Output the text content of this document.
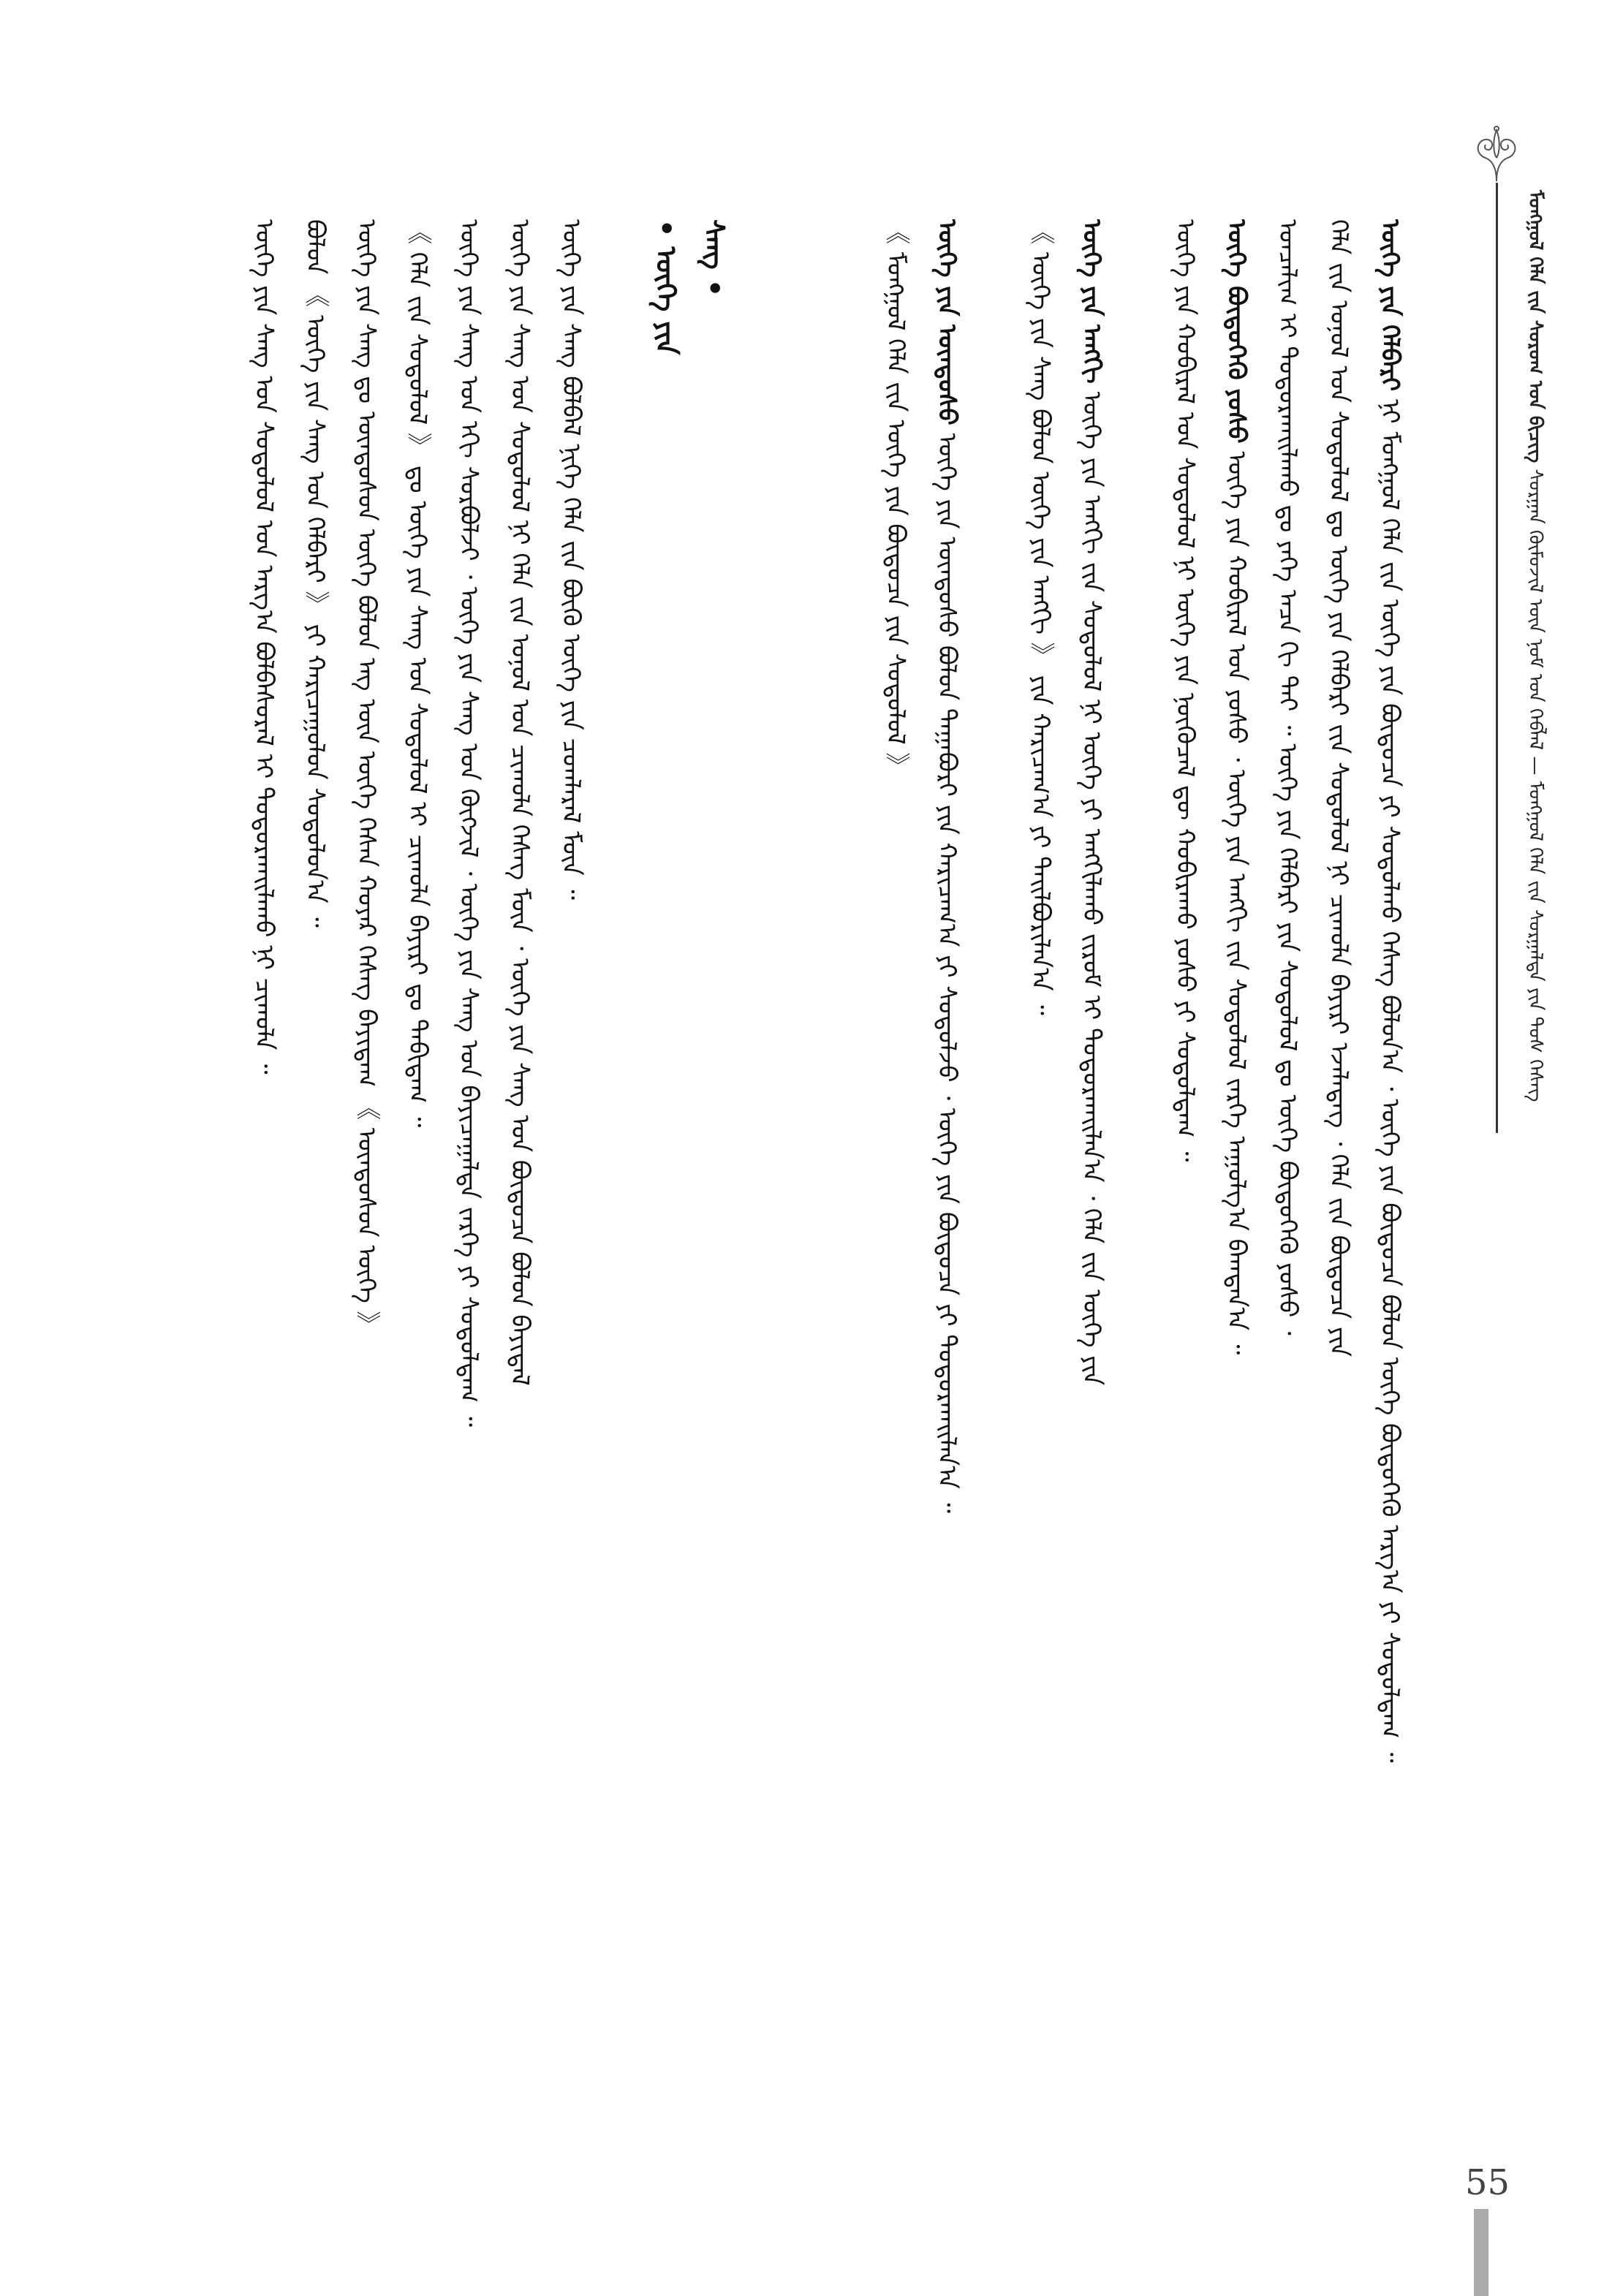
ᠮᠣᠩᠭᠣᠯ ᠬᠡᠯᠡ ᠵᠢᠨ ᠰᠤᠷᠤᠭ ᠤᠨ ᠪᠢᠴᠢᠭ ᠰᠤᠷᠭᠠᠨ ᠬᠦᠮᠦᠵᠢᠯ ᠦᠨ ᠨᠣᠮ ᠤᠨ ᠬᠡᠪᠯᠡᠯ — ᠮᠣᠩᠭᠣᠯ ᠬᠡᠯᠡ ᠵᠢᠨ ᠰᠤᠷᠭᠠᠯᠲᠠ ᠶᠢᠨ ᠲᠤᠰ ᠬᠡᠰᠡᠭ
ᠦᠭᠡ ᠶᠢᠨ ᠬᠡᠯᠪᠡᠷᠢ ᠨᠢ ᠮᠣᠩᠭᠣᠯ ᠬᠡᠯᠡ ᠵᠢᠨ ᠦᠭᠡ ᠶᠢᠨ ᠪᠦᠲᠦᠴᠡ ᠶᠢ ᠰᠤᠳᠤᠯᠬᠤ ᠬᠡᠰᠡᠭ ᠪᠣᠯᠤᠨ᠎ᠠ ᠂ ᠦᠭᠡ ᠶᠢᠨ ᠪᠦᠲᠦᠴᠡ ᠪᠣᠯᠤᠨ ᠦᠭᠡ ᠪᠦᠲᠦᠭᠡᠬᠦ ᠠᠷᠭ᠎ᠠ ᠶᠢ ᠰᠤᠳᠤᠯᠳᠠᠭ ᠃
ᠬᠡᠯᠡ ᠵᠢᠨ ᠣᠨᠣᠯ ᠤᠨ ᠰᠤᠳᠤᠯᠤᠯ ᠳᠤ ᠦᠭᠡ ᠶᠢᠨ ᠬᠡᠯᠪᠡᠷᠢ ᠵᠢᠨ ᠰᠤᠳᠤᠯᠤᠯ ᠨᠢ ᠴᠢᠬᠤᠯᠠ ᠪᠠᠶᠢᠷᠢ ᠡᠵᠡᠯᠡᠳᠡᠭ ᠂ ᠬᠡᠯᠡ ᠵᠢᠨ ᠪᠦᠲᠦᠴᠡ ᠶᠢᠨ
ᠣᠨᠴᠠᠯᠢᠭ ᠢ ᠲᠣᠳᠤᠷᠬᠠᠢᠯᠠᠬᠤ ᠳᠤ ᠶᠡᠬᠡ ᠠᠴᠠ ᠬᠢ ᠲᠠᠢ ᠃ ᠦᠭᠡ ᠶᠢᠨ ᠬᠡᠯᠪᠡᠷᠢ ᠶᠢᠨ ᠰᠤᠳᠤᠯᠤᠯ ᠳᠤ ᠦᠭᠡ ᠪᠦᠲᠦᠭᠡᠬᠦ ᠶᠣᠰᠤ ᠂
ᠦᠭᠡ ᠪᠦᠲᠦᠭᠡᠬᠦ ᠶᠣᠰᠤ ᠦᠭᠡ ᠶᠢᠨ ᠬᠤᠪᠢᠷᠠᠯ ᠤᠨ ᠶᠣᠰᠤ ᠂ ᠦᠭᠡ ᠶᠢᠨ ᠠᠩᠭᠢ ᠵᠢᠨ ᠰᠤᠳᠤᠯᠤᠯ ᠵᠡᠷᠭᠡ ᠠᠭᠤᠯᠭ᠎ᠠ ᠪᠠᠭᠲᠠᠨ᠎ᠠ ᠃
ᠦᠭᠡ ᠶᠢᠨ ᠬᠤᠪᠢᠷᠠᠯ ᠤᠨ ᠰᠤᠳᠤᠯᠤᠯ ᠨᠢ ᠦᠭᠡ ᠶᠢᠨ ᠨᠥᠬᠦᠴᠡᠯ ᠳᠦ ᠬᠤᠪᠢᠷᠠᠬᠤ ᠶᠣᠰᠤ ᠶᠢ ᠰᠤᠳᠤᠯᠳᠠᠭ ᠃
ᠦᠭᠡ ᠶᠢᠨ ᠠᠩᠭᠢ ᠦᠭᠡ ᠶᠢᠨ ᠠᠩᠭᠢ ᠵᠢᠨ ᠰᠤᠳᠤᠯᠤᠯ ᠨᠢ ᠦᠭᠡ ᠶᠢ ᠠᠩᠭᠢᠯᠠᠬᠤ ᠵᠢᠷᠤᠮ ᠢ ᠲᠣᠳᠤᠷᠬᠠᠢᠯᠠᠨ᠎ᠠ ᠂ ᠬᠡᠯᠡ ᠵᠢᠨ ᠦᠭᠡ ᠶᠢᠨ
《 ᠦᠭᠡ ᠶᠢᠨ ᠰᠠᠩ ᠪᠣᠯᠤᠨ ᠦᠭᠡ ᠶᠢᠨ ᠠᠩᠭᠢ 》 ᠶᠢᠨ ᠬᠠᠷᠢᠴᠠᠭ᠎ᠠ ᠶᠢ ᠲᠠᠢᠯᠪᠤᠷᠢᠯᠠᠨ᠎ᠠ ᠃
ᠦᠭᠡ ᠶᠢᠨ ᠦᠨᠳᠦᠰᠦ ᠦᠭᠡ ᠶᠢᠨ ᠦᠨᠳᠦᠰᠦ ᠪᠣᠯᠤᠨ ᠳᠠᠭᠠᠪᠤᠷᠢ ᠶᠢᠨ ᠬᠠᠷᠢᠴᠠᠭ᠎ᠠ ᠶᠢ ᠰᠤᠳᠤᠯᠵᠤ ᠂ ᠦᠭᠡ ᠶᠢᠨ ᠪᠦᠲᠦᠴᠡ ᠶᠢ ᠲᠣᠳᠤᠷᠬᠠᠢᠯᠠᠨ᠎ᠠ ᠃
《 ᠮᠣᠩᠭᠣᠯ ᠬᠡᠯᠡ ᠵᠢᠨ ᠦᠭᠡ ᠶᠢᠨ ᠪᠦᠲᠦᠴᠡ ᠶᠢᠨ ᠰᠤᠳᠤᠯᠤᠯ 》
• ᠦᠭᠡ ᠶᠢᠨ ᠰᠠᠩ •
ᠦᠭᠡ ᠶᠢᠨ ᠰᠠᠩ ᠪᠣᠯᠪᠠᠯ ᠨᠢᠭᠡ ᠬᠡᠯᠡ ᠵᠢᠨ ᠪᠦᠬᠦ ᠦᠭᠡ ᠶᠢᠨ ᠴᠤᠭᠯᠠᠷᠠᠯ ᠮᠥᠨ ᠃
ᠦᠭᠡ ᠶᠢᠨ ᠰᠠᠩ ᠤᠨ ᠰᠤᠳᠤᠯᠤᠯ ᠨᠢ ᠬᠡᠯᠡ ᠵᠢᠨ ᠣᠨᠣᠯ ᠤᠨ ᠴᠢᠬᠤᠯᠠ ᠬᠡᠰᠡᠭ ᠮᠥᠨ ᠂ ᠦᠭᠡ ᠶᠢᠨ ᠰᠠᠩ ᠤᠨ ᠪᠦᠲᠦᠴᠡ ᠪᠣᠯᠤᠨ ᠪᠠᠶᠢᠳᠠᠯ
ᠦᠭᠡ ᠶᠢᠨ ᠰᠠᠩ ᠤᠨ ᠡᠬᠢ ᠰᠤᠷᠪᠤᠯᠵᠢ ᠂ ᠦᠭᠡ ᠶᠢᠨ ᠰᠠᠩ ᠤᠨ ᠬᠥᠭᠵᠢᠯ ᠂ ᠦᠭᠡ ᠶᠢᠨ ᠰᠠᠩ ᠤᠨ ᠪᠠᠶᠢᠴᠠᠭᠠᠯᠲᠠ ᠵᠡᠷᠭᠡ ᠶᠢ ᠰᠤᠳᠤᠯᠳᠠᠭ ᠃
《 ᠬᠡᠯᠡ ᠵᠢᠨ ᠰᠤᠳᠤᠯᠤᠯ 》 ᠳᠤ ᠦᠭᠡ ᠶᠢᠨ ᠰᠠᠩ ᠤᠨ ᠰᠤᠳᠤᠯᠤᠯ ᠢ ᠴᠢᠬᠤᠯᠠ ᠪᠠᠶᠢᠷᠢ ᠳᠤ ᠲᠠᠪᠢᠳᠠᠭ ᠃
ᠦᠭᠡ ᠶᠢᠨ ᠰᠠᠩ ᠳᠤ ᠦᠨᠳᠦᠰᠦᠨ ᠦᠭᠡ ᠪᠣᠯᠤᠨ ᠡᠩ ᠦᠨ ᠦᠭᠡ ᠭᠡᠰᠡᠨ ᠬᠣᠶᠠᠷ ᠬᠡᠰᠡᠭ ᠪᠠᠶᠢᠳᠠᠭ 《 ᠦᠨᠳᠦᠰᠦᠨ ᠦᠭᠡ 》
ᠪᠣᠯᠤᠨ 《 ᠦᠭᠡ ᠶᠢᠨ ᠰᠠᠩ ᠤᠨ ᠬᠡᠯᠪᠡᠷᠢ 》 ᠶᠢ ᠬᠠᠷᠢᠴᠠᠭᠤᠯᠤᠨ ᠰᠤᠳᠤᠯᠤᠨ᠎ᠠ ᠃
ᠦᠭᠡ ᠶᠢᠨ ᠰᠠᠩ ᠤᠨ ᠰᠤᠳᠤᠯᠤᠯ ᠤᠨ ᠠᠷᠭ᠎ᠠ ᠪᠣᠯᠪᠠᠰᠤᠷᠠᠯ ᠢ ᠲᠣᠳᠤᠷᠬᠠᠢᠯᠠᠬᠤ ᠨᠢ ᠴᠢᠬᠤᠯᠠ ᠃
55
